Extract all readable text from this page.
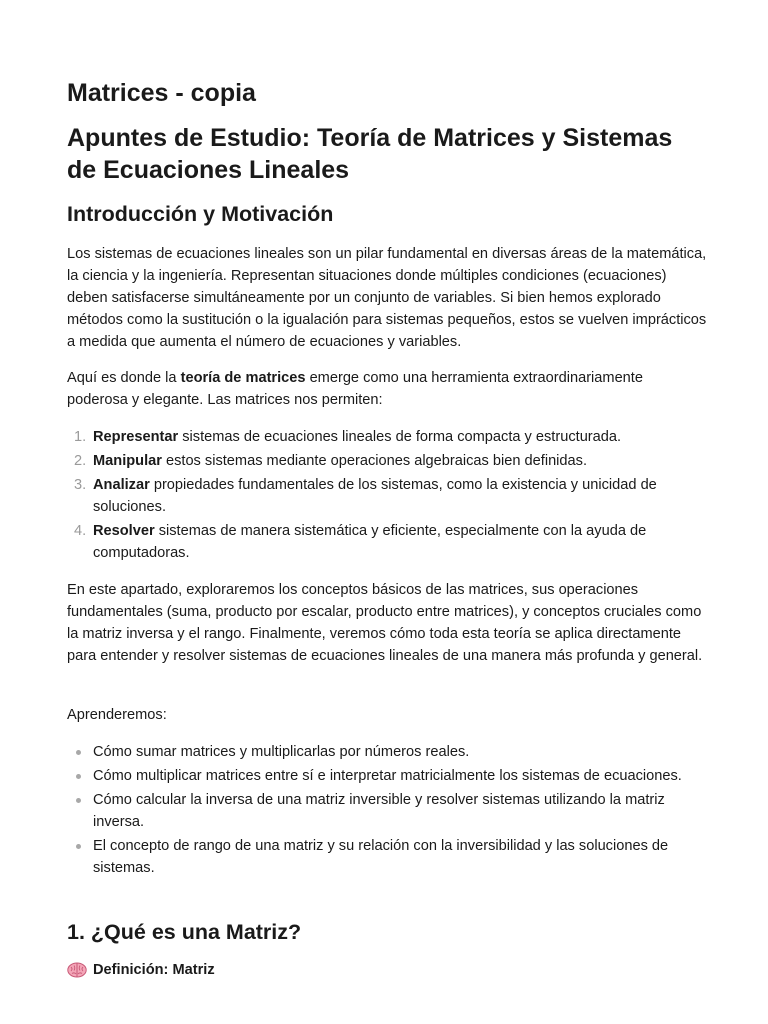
Matrices - copia
Apuntes de Estudio: Teoría de Matrices y Sistemas de Ecuaciones Lineales
Introducción y Motivación

Los sistemas de ecuaciones lineales son un pilar fundamental en diversas áreas de la matemática, la ciencia y la ingeniería. Representan situaciones donde múltiples condiciones (ecuaciones) deben satisfacerse simultáneamente por un conjunto de variables. Si bien hemos explorado métodos como la sustitución o la igualación para sistemas pequeños, estos se vuelven imprácticos a medida que aumenta el número de ecuaciones y variables.

Aquí es donde la teoría de matrices emerge como una herramienta extraordinariamente poderosa y elegante. Las matrices nos permiten:

1. Representar sistemas de ecuaciones lineales de forma compacta y estructurada.
2. Manipular estos sistemas mediante operaciones algebraicas bien definidas.
3. Analizar propiedades fundamentales de los sistemas, como la existencia y unicidad de soluciones.
4. Resolver sistemas de manera sistemática y eficiente, especialmente con la ayuda de computadoras.

En este apartado, exploraremos los conceptos básicos de las matrices, sus operaciones fundamentales (suma, producto por escalar, producto entre matrices), y conceptos cruciales como la matriz inversa y el rango. Finalmente, veremos cómo toda esta teoría se aplica directamente para entender y resolver sistemas de ecuaciones lineales de una manera más profunda y general.

Aprenderemos:

Cómo sumar matrices y multiplicarlas por números reales.
Cómo multiplicar matrices entre sí e interpretar matricialmente los sistemas de ecuaciones.
Cómo calcular la inversa de una matriz inversible y resolver sistemas utilizando la matriz inversa.
El concepto de rango de una matriz y su relación con la inversibilidad y las soluciones de sistemas.
1. ¿Qué es una Matriz?
Definición: Matriz
